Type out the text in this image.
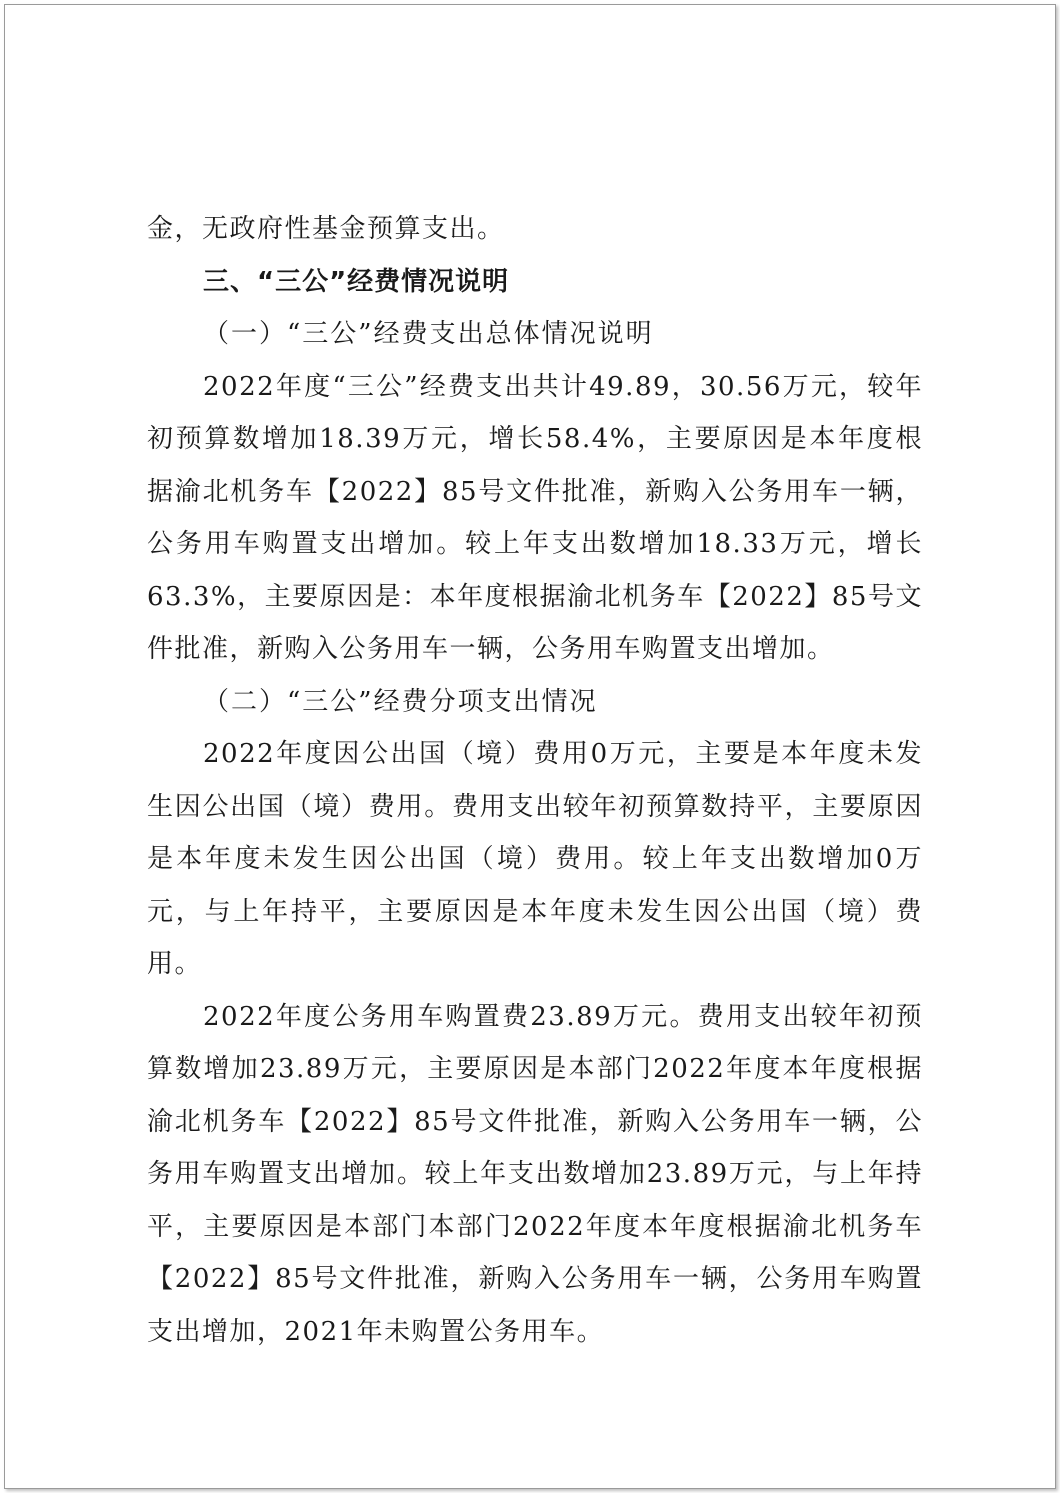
金，无政府性基金预算支出。

三、“三公”经费情况说明

（一）“三公”经费支出总体情况说明

2022年度“三公”经费支出共计49.89，30.56万元，较年初预算数增加18.39万元，增长58.4%，主要原因是本年度根据渝北机务车【2022】85号文件批准，新购入公务用车一辆，公务用车购置支出增加。较上年支出数增加18.33万元，增长63.3%，主要原因是：本年度根据渝北机务车【2022】85号文件批准，新购入公务用车一辆，公务用车购置支出增加。

（二）“三公”经费分项支出情况

2022年度因公出国（境）费用0万元，主要是本年度未发生因公出国（境）费用。费用支出较年初预算数持平，主要原因是本年度未发生因公出国（境）费用。较上年支出数增加0万元，与上年持平，主要原因是本年度未发生因公出国（境）费用。

2022年度公务用车购置费23.89万元。费用支出较年初预算数增加23.89万元，主要原因是本部门2022年度本年度根据渝北机务车【2022】85号文件批准，新购入公务用车一辆，公务用车购置支出增加。较上年支出数增加23.89万元，与上年持平，主要原因是本部门本部门2022年度本年度根据渝北机务车【2022】85号文件批准，新购入公务用车一辆，公务用车购置支出增加，2021年未购置公务用车。
